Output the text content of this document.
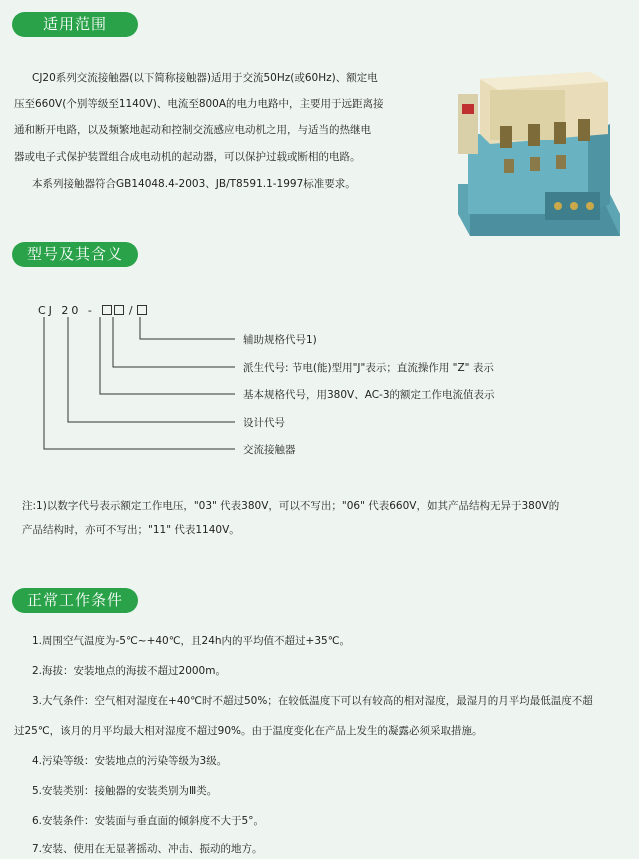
适用范围
CJ20系列交流接触器(以下简称接触器)适用于交流50Hz(或60Hz)、额定电
压至660V(个别等级至1140V)、电流至800A的电力电路中，主要用于远距离接
通和断开电路，以及频繁地起动和控制交流感应电动机之用，与适当的热继电
器或电子式保护装置组合成电动机的起动器，可以保护过载或断相的电路。
本系列接触器符合GB14048.4-2003、JB/T8591.1-1997标准要求。
型号及其含义
CJ 20 -	/
辅助规格代号1)
派生代号: 节电(能)型用"J"表示；直流操作用 "Z" 表示
基本规格代号，用380V、AC-3的额定工作电流值表示
设计代号
交流接触器
注:1)以数字代号表示额定工作电压，"03" 代表380V，可以不写出；"06" 代表660V，如其产品结构无异于380V的
产品结构时，亦可不写出；"11" 代表1140V。
正常工作条件
1.周围空气温度为-5℃~+40℃，且24h内的平均值不超过+35℃。
2.海拔：安装地点的海拔不超过2000m。
3.大气条件：空气相对湿度在+40℃时不超过50%；在较低温度下可以有较高的相对湿度，最湿月的月平均最低温度不超
过25℃，该月的月平均最大相对湿度不超过90%。由于温度变化在产品上发生的凝露必须采取措施。
4.污染等级：安装地点的污染等级为3级。
5.安装类别：接触器的安装类别为Ⅲ类。
6.安装条件：安装面与垂直面的倾斜度不大于5°。
7.安装、使用在无显著摇动、冲击、振动的地方。
